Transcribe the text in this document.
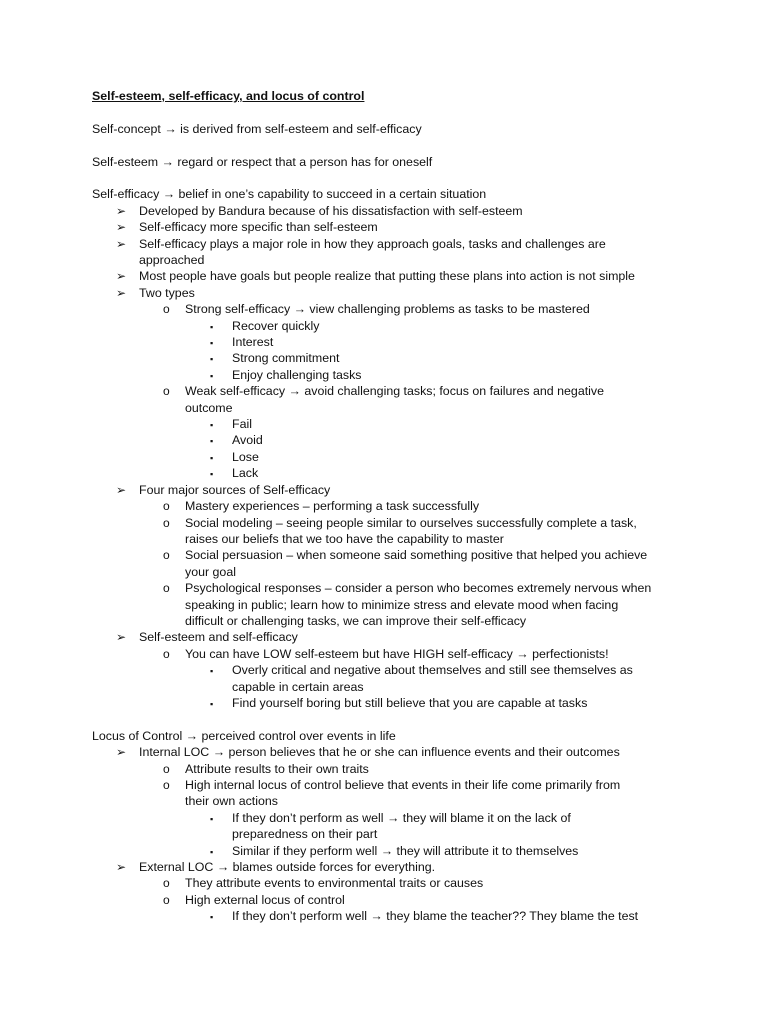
Self-esteem, self-efficacy, and locus of control
Self-concept → is derived from self-esteem and self-efficacy
Self-esteem → regard or respect that a person has for oneself
Self-efficacy → belief in one’s capability to succeed in a certain situation
➢ Developed by Bandura because of his dissatisfaction with self-esteem
➢ Self-efficacy more specific than self-esteem
➢ Self-efficacy plays a major role in how they approach goals, tasks and challenges are
approached
➢ Most people have goals but people realize that putting these plans into action is not simple
➢ Two types
o Strong self-efficacy → view challenging problems as tasks to be mastered
▪ Recover quickly
▪ Interest
▪ Strong commitment
▪ Enjoy challenging tasks
o Weak self-efficacy → avoid challenging tasks; focus on failures and negative
outcome
▪ Fail
▪ Avoid
▪ Lose
▪ Lack
➢ Four major sources of Self-efficacy
o Mastery experiences – performing a task successfully
o Social modeling – seeing people similar to ourselves successfully complete a task,
raises our beliefs that we too have the capability to master
o Social persuasion – when someone said something positive that helped you achieve
your goal
o Psychological responses – consider a person who becomes extremely nervous when
speaking in public; learn how to minimize stress and elevate mood when facing
difficult or challenging tasks, we can improve their self-efficacy
➢ Self-esteem and self-efficacy
o You can have LOW self-esteem but have HIGH self-efficacy → perfectionists!
▪ Overly critical and negative about themselves and still see themselves as
capable in certain areas
▪ Find yourself boring but still believe that you are capable at tasks
Locus of Control → perceived control over events in life
➢ Internal LOC → person believes that he or she can influence events and their outcomes
o Attribute results to their own traits
o High internal locus of control believe that events in their life come primarily from
their own actions
▪ If they don’t perform as well → they will blame it on the lack of
preparedness on their part
▪ Similar if they perform well → they will attribute it to themselves
➢ External LOC → blames outside forces for everything.
o They attribute events to environmental traits or causes
o High external locus of control
▪ If they don’t perform well → they blame the teacher?? They blame the test
